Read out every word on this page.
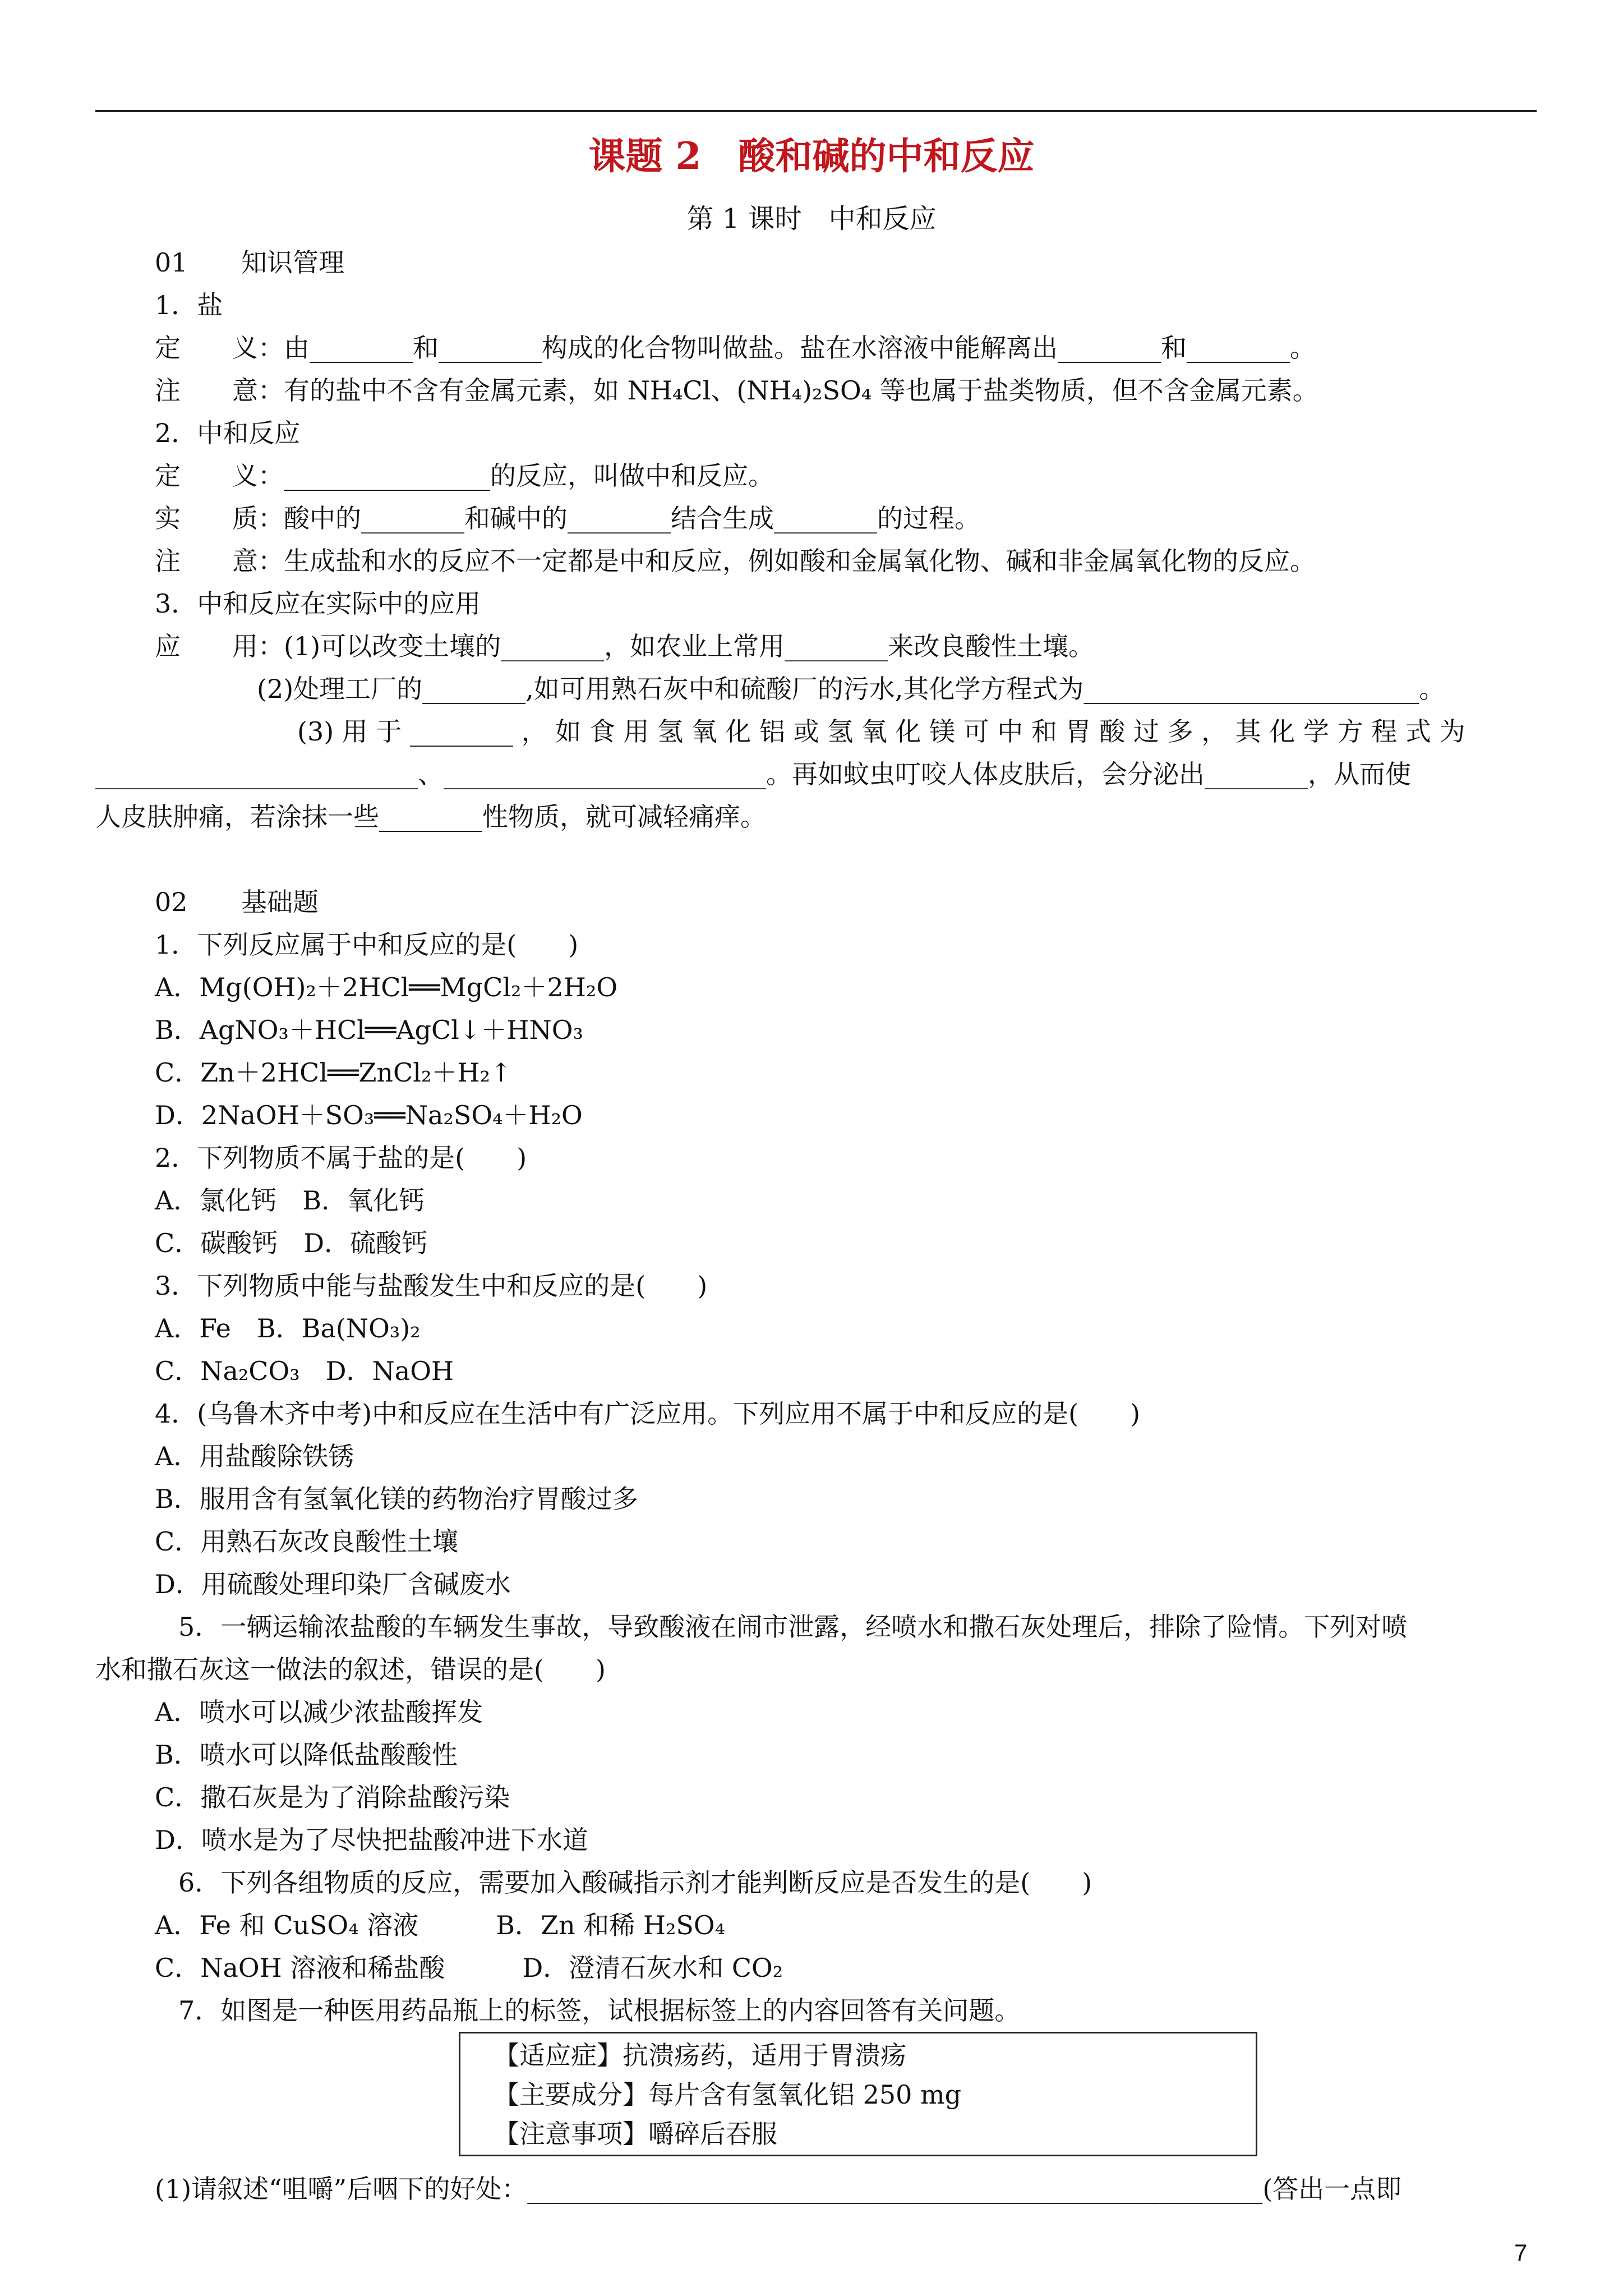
课题 2　酸和碱的中和反应
第 1 课时　中和反应
01 知识管理
1．盐
定　　义：由________和________构成的化合物叫做盐。盐在水溶液中能解离出________和________。
注　　意：有的盐中不含有金属元素，如 NH₄Cl、(NH₄)₂SO₄ 等也属于盐类物质，但不含金属元素。
2．中和反应
定　　义：________________的反应，叫做中和反应。
实　　质：酸中的________和碱中的________结合生成________的过程。
注　　意：生成盐和水的反应不一定都是中和反应，例如酸和金属氧化物、碱和非金属氧化物的反应。
3．中和反应在实际中的应用
应　　用：(1)可以改变土壤的________，如农业上常用________来改良酸性土壤。
(2)处理工厂的________,如可用熟石灰中和硫酸厂的污水,其化学方程式为__________________________。
(3) 用 于 ________ ， 如 食 用 氢 氧 化 铝 或 氢 氧 化 镁 可 中 和 胃 酸 过 多 ， 其 化 学 方 程 式 为
_________________________、_________________________。再如蚊虫叮咬人体皮肤后，会分泌出________，从而使
人皮肤肿痛，若涂抹一些________性物质，就可减轻痛痒。
02 基础题
1．下列反应属于中和反应的是(　　)
A．Mg(OH)₂＋2HCl══MgCl₂＋2H₂O
B．AgNO₃＋HCl══AgCl↓＋HNO₃
C．Zn＋2HCl══ZnCl₂＋H₂↑
D．2NaOH＋SO₃══Na₂SO₄＋H₂O
2．下列物质不属于盐的是(　　)
A．氯化钙　B．氧化钙
C．碳酸钙　D．硫酸钙
3．下列物质中能与盐酸发生中和反应的是(　　)
A．Fe　B．Ba(NO₃)₂
C．Na₂CO₃　D．NaOH
4．(乌鲁木齐中考)中和反应在生活中有广泛应用。下列应用不属于中和反应的是(　　)
A．用盐酸除铁锈
B．服用含有氢氧化镁的药物治疗胃酸过多
C．用熟石灰改良酸性土壤
D．用硫酸处理印染厂含碱废水
5．一辆运输浓盐酸的车辆发生事故，导致酸液在闹市泄露，经喷水和撒石灰处理后，排除了险情。下列对喷
水和撒石灰这一做法的叙述，错误的是(　　)
A．喷水可以减少浓盐酸挥发
B．喷水可以降低盐酸酸性
C．撒石灰是为了消除盐酸污染
D．喷水是为了尽快把盐酸冲进下水道
6．下列各组物质的反应，需要加入酸碱指示剂才能判断反应是否发生的是(　　)
A．Fe 和 CuSO₄ 溶液　　　B．Zn 和稀 H₂SO₄
C．NaOH 溶液和稀盐酸　　　D．澄清石灰水和 CO₂
7．如图是一种医用药品瓶上的标签，试根据标签上的内容回答有关问题。
【适应症】抗溃疡药，适用于胃溃疡
【主要成分】每片含有氢氧化铝 250 mg
【注意事项】嚼碎后吞服
(1)请叙述“咀嚼”后咽下的好处：_________________________________________________________(答出一点即
7
